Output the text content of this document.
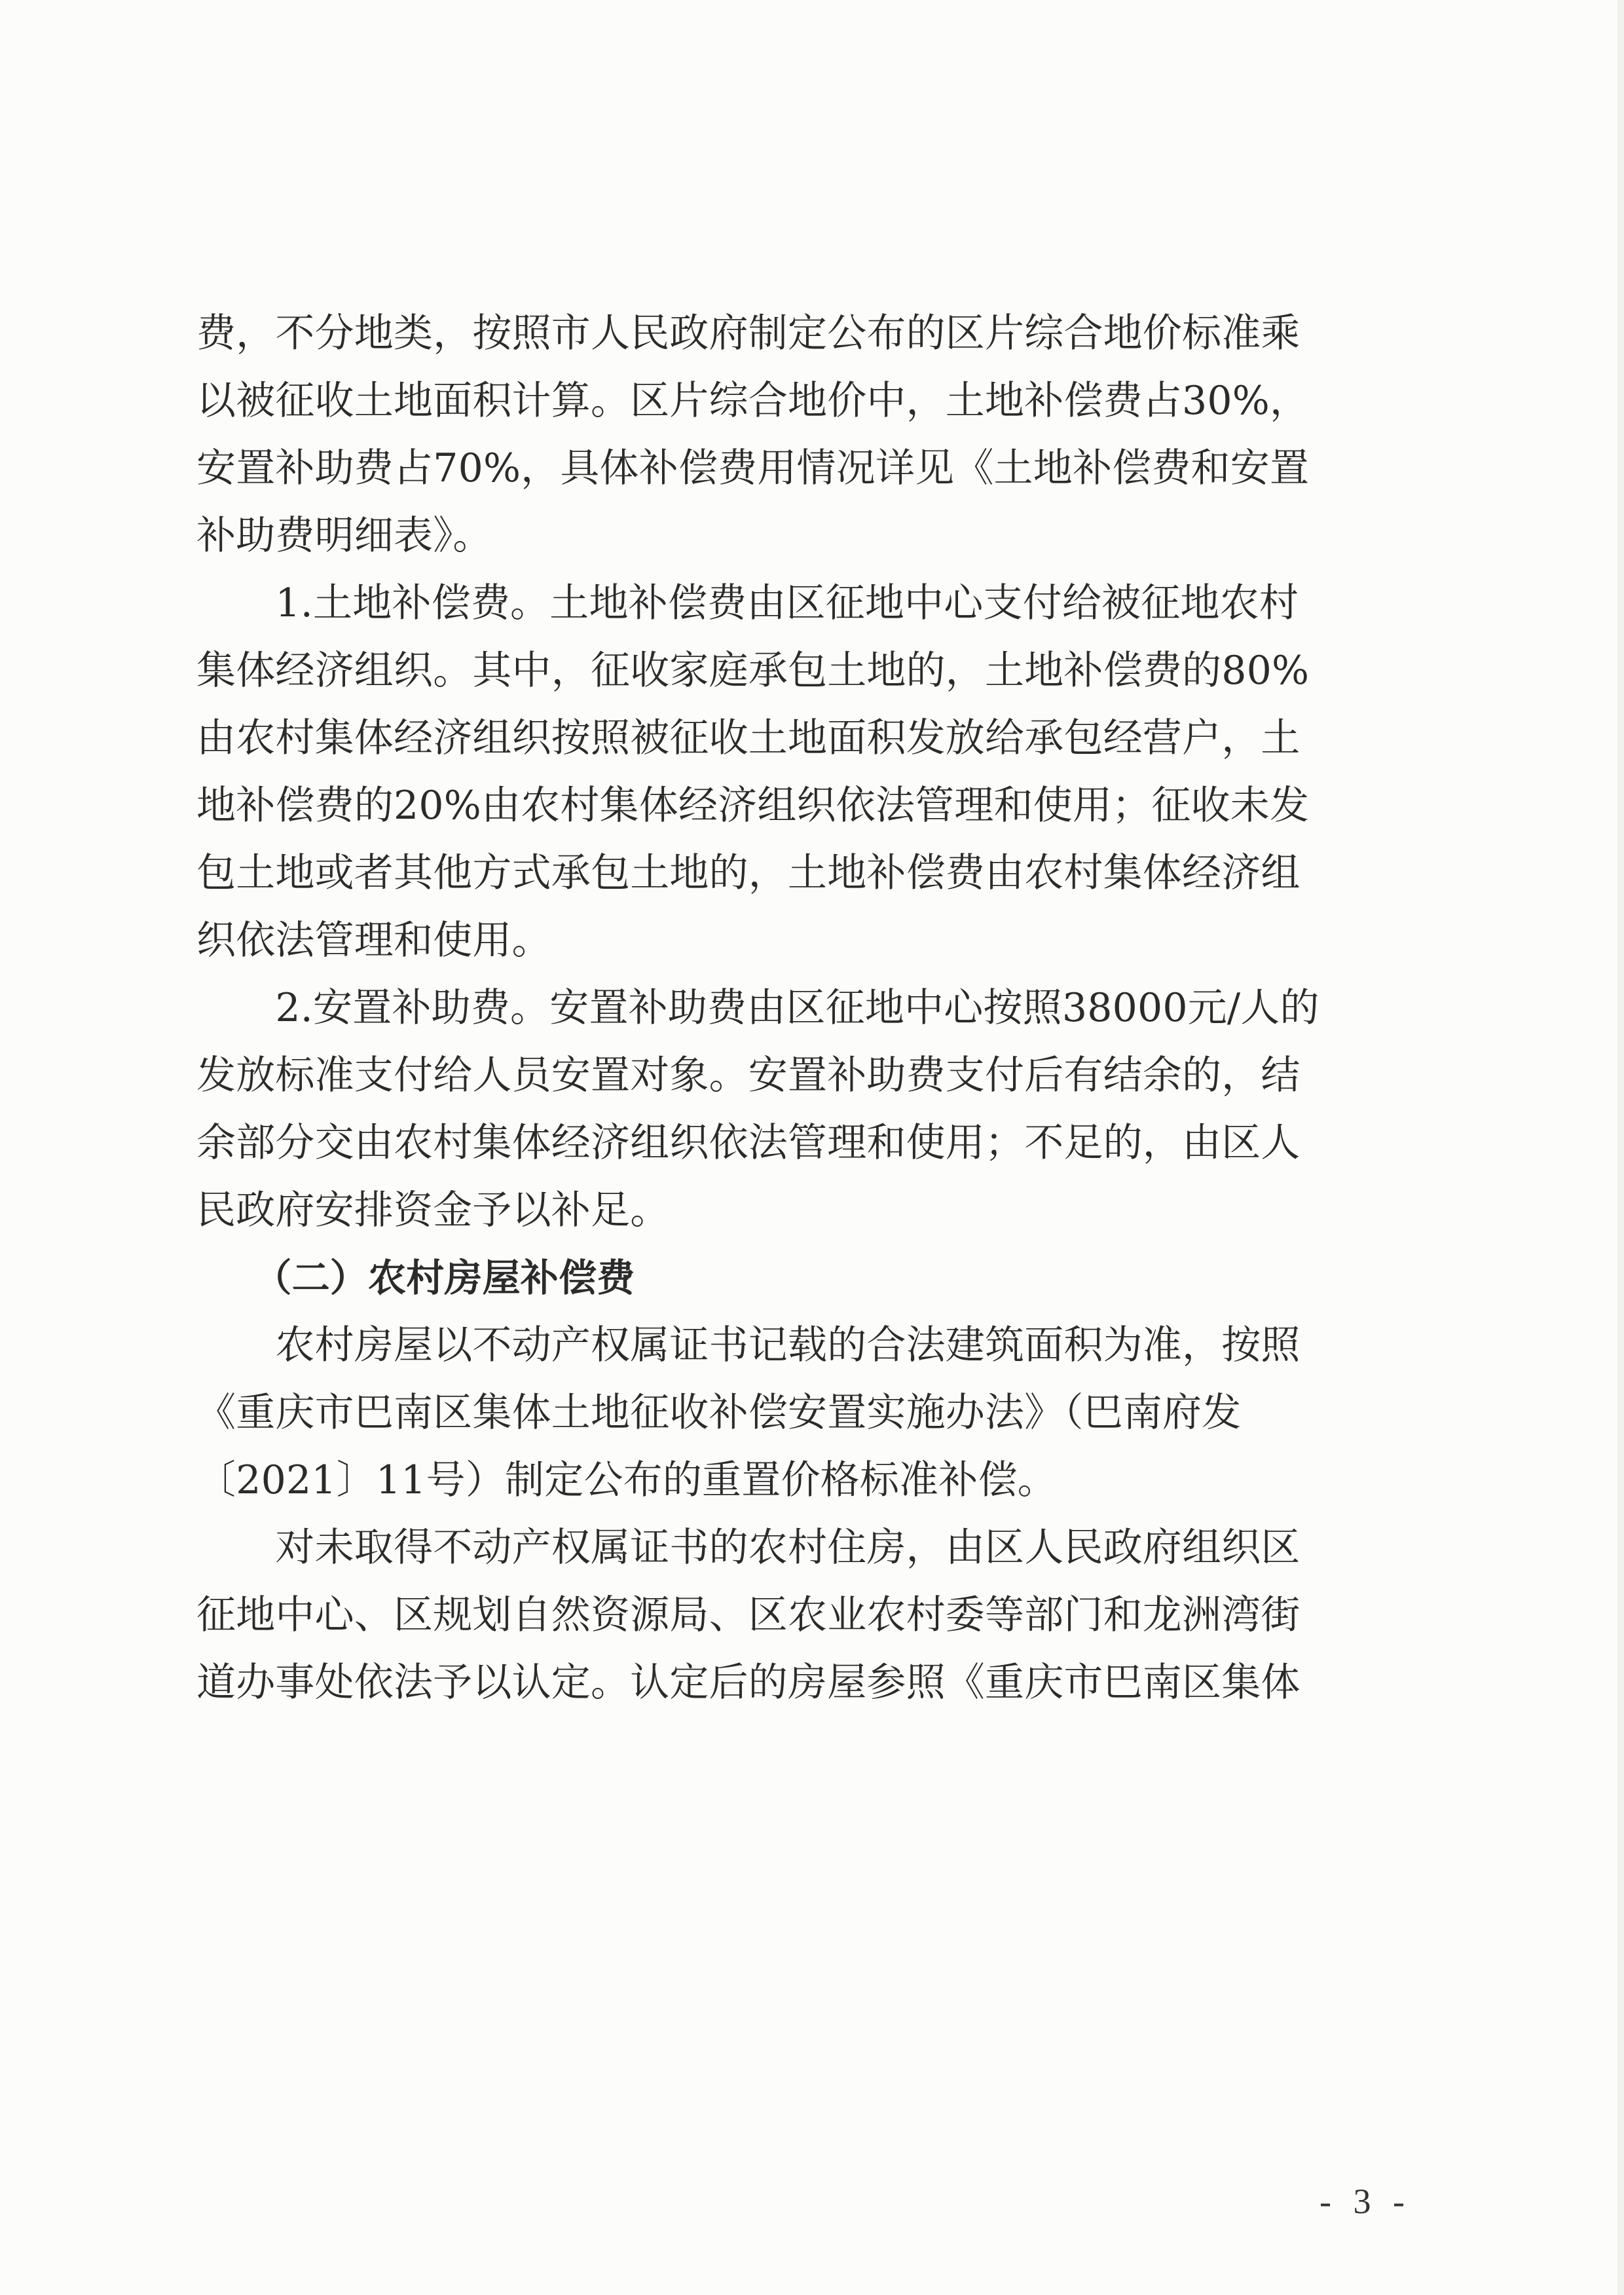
费，不分地类，按照市人民政府制定公布的区片综合地价标准乘
以被征收土地面积计算。区片综合地价中，土地补偿费占30%，
安置补助费占70%，具体补偿费用情况详见《土地补偿费和安置
补助费明细表》。
　　1.土地补偿费。土地补偿费由区征地中心支付给被征地农村
集体经济组织。其中，征收家庭承包土地的，土地补偿费的80%
由农村集体经济组织按照被征收土地面积发放给承包经营户，土
地补偿费的20%由农村集体经济组织依法管理和使用；征收未发
包土地或者其他方式承包土地的，土地补偿费由农村集体经济组
织依法管理和使用。
　　2.安置补助费。安置补助费由区征地中心按照38000元/人的
发放标准支付给人员安置对象。安置补助费支付后有结余的，结
余部分交由农村集体经济组织依法管理和使用；不足的，由区人
民政府安排资金予以补足。
　　（二）农村房屋补偿费
　　农村房屋以不动产权属证书记载的合法建筑面积为准，按照
《重庆市巴南区集体土地征收补偿安置实施办法》（巴南府发
〔2021〕11号）制定公布的重置价格标准补偿。
　　对未取得不动产权属证书的农村住房，由区人民政府组织区
征地中心、区规划自然资源局、区农业农村委等部门和龙洲湾街
道办事处依法予以认定。认定后的房屋参照《重庆市巴南区集体
- 3 -
